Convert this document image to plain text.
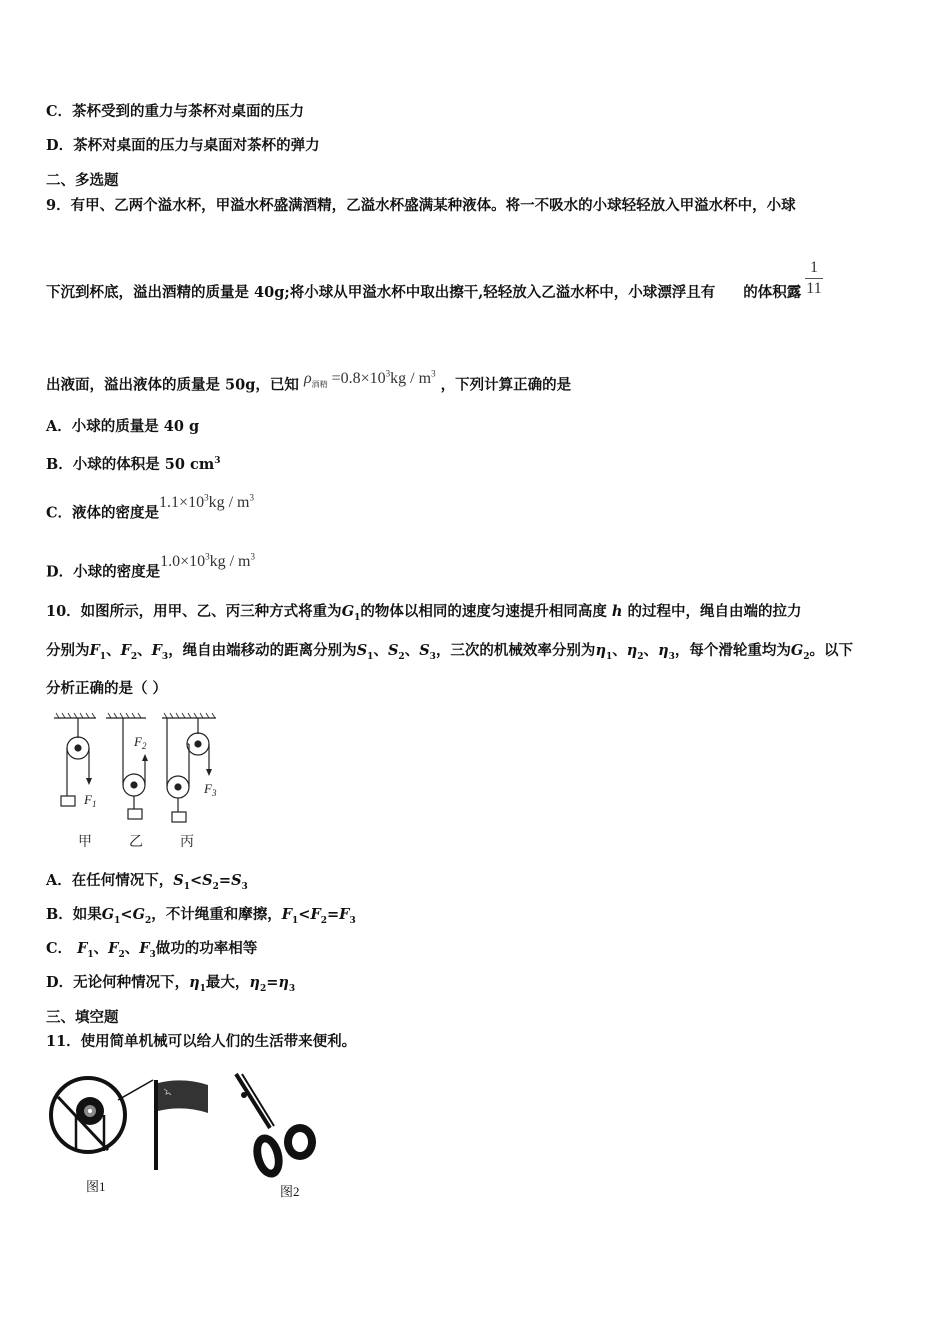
C．茶杯受到的重力与茶杯对桌面的压力
D．茶杯对桌面的压力与桌面对茶杯的弹力
二、多选题
9．有甲、乙两个溢水杯，甲溢水杯盛满酒精，乙溢水杯盛满某种液体。将一不吸水的小球轻轻放入甲溢水杯中，小球
下沉到杯底，溢出酒精的质量是 40g;将小球从甲溢水杯中取出擦干,轻轻放入乙溢水杯中，小球漂浮且有 的体积露
1
11
出液面，溢出液体的质量是 50g，已知 $\rho_{酒精} =0.8\times 10^3kg / m^3$ ，下列计算正确的是
A．小球的质量是 40 g
B．小球的体积是 50 $cm^3$
C．液体的密度是$1.1\times 10^3kg / m^3$
D．小球的密度是$1.0\times 10^3kg / m^3$
10．如图所示，用甲、乙、丙三种方式将重为$G_1$的物体以相同的速度匀速提升相同高度 h 的过程中，绳自由端的拉力
分别为$F_1$、$F_2$、$F_3$，绳自由端移动的距离分别为$S_1$、$S_2$、$S_3$，三次的机械效率分别为$\eta_1$、$\eta_2$、$\eta_3$，每个滑轮重均为$G_2$。以下
分析正确的是（ ）
$F_1$
$F_2$
$F_3$
甲	乙	丙
A．在任何情况下，$S_1<S_2=S_3$
B．如果$G_1<G_2$，不计绳重和摩擦，$F_1<F_2=F_3$
C． $F_1$、$F_2$、$F_3$做功的功率相等
D．无论何种情况下，$\eta_1$最大，$\eta_2=\eta_3$
三、填空题
11．使用简单机械可以给人们的生活带来便利。
图1	图2
